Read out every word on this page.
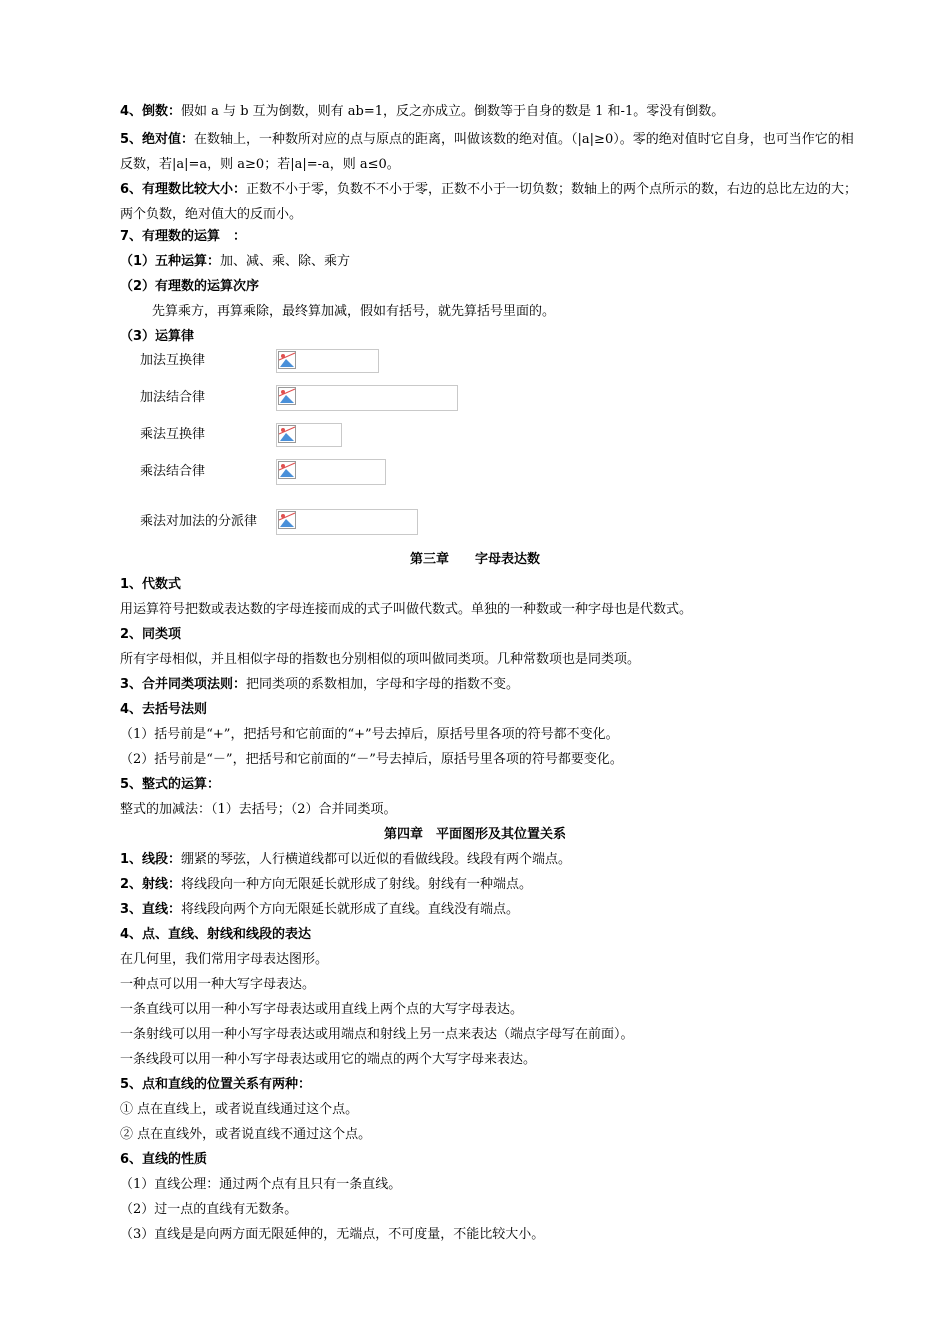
4、倒数：假如 a 与 b 互为倒数，则有 ab=1，反之亦成立。倒数等于自身的数是 1 和-1。零没有倒数。
5、绝对值：在数轴上，一种数所对应的点与原点的距离，叫做该数的绝对值。（|a|≥0）。零的绝对值时它自身，也可当作它的相反数，若|a|=a，则 a≥0；若|a|=-a，则 a≤0。
6、有理数比较大小：正数不小于零，负数不不小于零，正数不小于一切负数；数轴上的两个点所示的数，右边的总比左边的大；两个负数，绝对值大的反而小。
7、有理数的运算　：
（1）五种运算：加、减、乘、除、乘方
（2）有理数的运算次序
先算乘方，再算乘除，最终算加减，假如有括号，就先算括号里面的。
（3）运算律
加法互换律
加法结合律
乘法互换律
乘法结合律
乘法对加法的分派律
第三章　　字母表达数
1、代数式
用运算符号把数或表达数的字母连接而成的式子叫做代数式。单独的一种数或一种字母也是代数式。
2、同类项
所有字母相似，并且相似字母的指数也分别相似的项叫做同类项。几种常数项也是同类项。
3、合并同类项法则：把同类项的系数相加，字母和字母的指数不变。
4、去括号法则
（1）括号前是“+”，把括号和它前面的“+”号去掉后，原括号里各项的符号都不变化。
（2）括号前是“－”，把括号和它前面的“－”号去掉后，原括号里各项的符号都要变化。
5、整式的运算：
整式的加减法：（1）去括号；（2）合并同类项。
第四章　平面图形及其位置关系
1、线段：绷紧的琴弦，人行横道线都可以近似的看做线段。线段有两个端点。
2、射线：将线段向一种方向无限延长就形成了射线。射线有一种端点。
3、直线：将线段向两个方向无限延长就形成了直线。直线没有端点。
4、点、直线、射线和线段的表达
在几何里，我们常用字母表达图形。
一种点可以用一种大写字母表达。
一条直线可以用一种小写字母表达或用直线上两个点的大写字母表达。
一条射线可以用一种小写字母表达或用端点和射线上另一点来表达（端点字母写在前面）。
一条线段可以用一种小写字母表达或用它的端点的两个大写字母来表达。
5、点和直线的位置关系有两种：
① 点在直线上，或者说直线通过这个点。
② 点在直线外，或者说直线不通过这个点。
6、直线的性质
（1）直线公理：通过两个点有且只有一条直线。
（2）过一点的直线有无数条。
（3）直线是是向两方面无限延伸的，无端点，不可度量，不能比较大小。
